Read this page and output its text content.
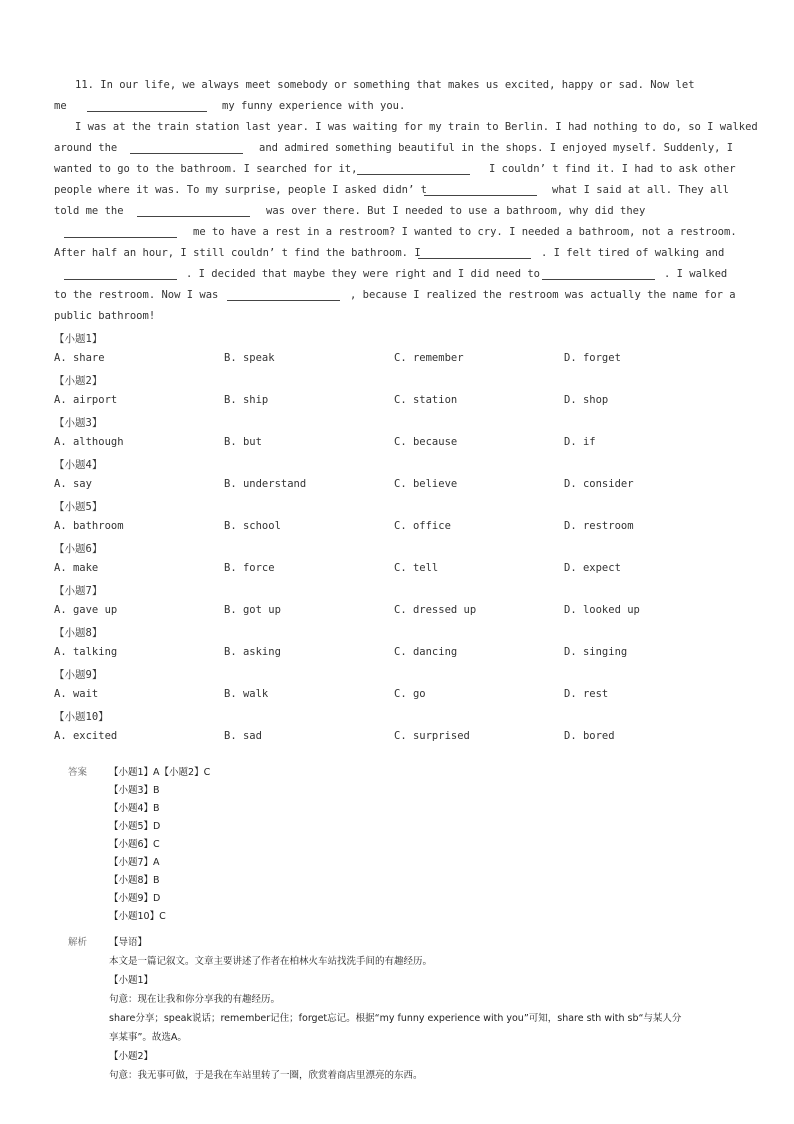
11. In our life, we always meet somebody or something that makes us excited, happy or sad. Now let
me	my funny experience with you.
I was at the train station last year. I was waiting for my train to Berlin. I had nothing to do, so I walked
around the	and admired something beautiful in the shops. I enjoyed myself. Suddenly, I
wanted to go to the bathroom. I searched for it,	I couldn’ t find it. I had to ask other
people where it was. To my surprise, people I asked didn’ t	what I said at all. They all
told me the	was over there. But I needed to use a bathroom, why did they
me to have a rest in a restroom? I wanted to cry. I needed a bathroom, not a restroom.
After half an hour, I still couldn’ t find the bathroom. I	. I felt tired of walking and
. I decided that maybe they were right and I did need to	. I walked
to the restroom. Now I was	, because I realized the restroom was actually the name for a
public bathroom!
【小题1】
A. share	B. speak	C. remember	D. forget
【小题2】
A. airport	B. ship	C. station	D. shop
【小题3】
A. although	B. but	C. because	D. if
【小题4】
A. say	B. understand	C. believe	D. consider
【小题5】
A. bathroom	B. school	C. office	D. restroom
【小题6】
A. make	B. force	C. tell	D. expect
【小题7】
A. gave up	B. got up	C. dressed up	D. looked up
【小题8】
A. talking	B. asking	C. dancing	D. singing
【小题9】
A. wait	B. walk	C. go	D. rest
【小题10】
A. excited	B. sad	C. surprised	D. bored
答案 【小题1】A【小题2】C
【小题3】B
【小题4】B
【小题5】D
【小题6】C
【小题7】A
【小题8】B
【小题9】D
【小题10】C
解析 【导语】
本文是一篇记叙文。文章主要讲述了作者在柏林火车站找洗手间的有趣经历。
【小题1】
句意：现在让我和你分享我的有趣经历。
share分享；speak说话；remember记住；forget忘记。根据“my funny experience with you”可知，share sth with sb“与某人分
享某事”。故选A。
【小题2】
句意：我无事可做，于是我在车站里转了一圈，欣赏着商店里漂亮的东西。
